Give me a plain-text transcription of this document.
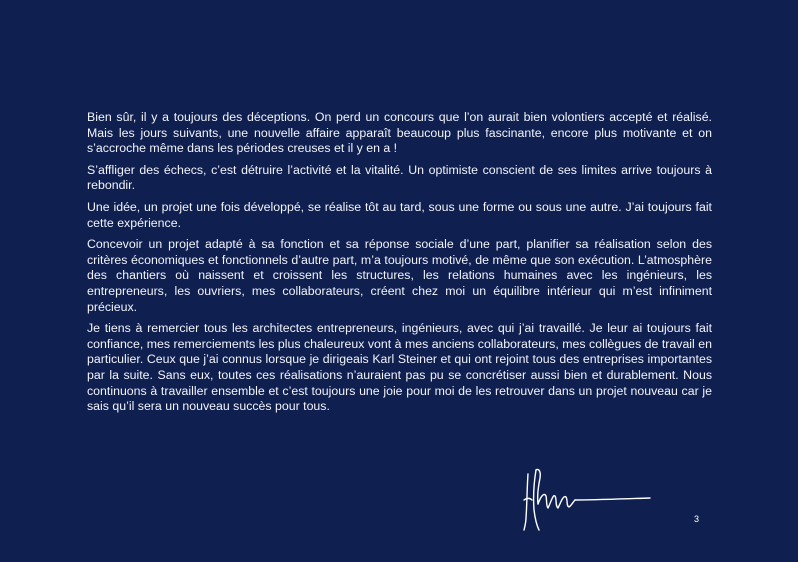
Bien sûr, il y a toujours des déceptions. On perd un concours que l’on aurait bien volontiers accepté et réalisé. Mais les jours suivants, une nouvelle affaire apparaît beaucoup plus fascinante, encore plus motivante et on s’accroche même dans les périodes creuses et il y en a !

S’affliger des échecs, c’est détruire l’activité et la vitalité. Un optimiste conscient de ses limites arrive toujours à rebondir.

Une idée, un projet une fois développé, se réalise tôt au tard, sous une forme ou sous une autre. J’ai toujours fait cette expérience.

Concevoir un projet adapté à sa fonction et sa réponse sociale d’une part, planifier sa réalisation selon des critères économiques et fonctionnels d’autre part, m’a toujours motivé, de même que son exécution. L’atmosphère des chantiers où naissent et croissent les structures, les relations humaines avec les ingénieurs, les entrepreneurs, les ouvriers, mes collaborateurs, créent chez moi un équilibre intérieur qui m’est infiniment précieux.

Je tiens à remercier tous les architectes entrepreneurs, ingénieurs, avec qui j’ai travaillé. Je leur ai toujours fait confiance, mes remerciements les plus chaleureux vont à mes anciens collaborateurs, mes collègues de travail en particulier. Ceux que j’ai connus lorsque je dirigeais Karl Steiner et qui ont rejoint tous des entreprises importantes par la suite. Sans eux, toutes ces réalisations n’auraient pas pu se concrétiser aussi bien et durablement. Nous continuons à travailler ensemble et c’est toujours une joie pour moi de les retrouver dans un projet nouveau car je sais qu’il sera un nouveau succès pour tous.

3
